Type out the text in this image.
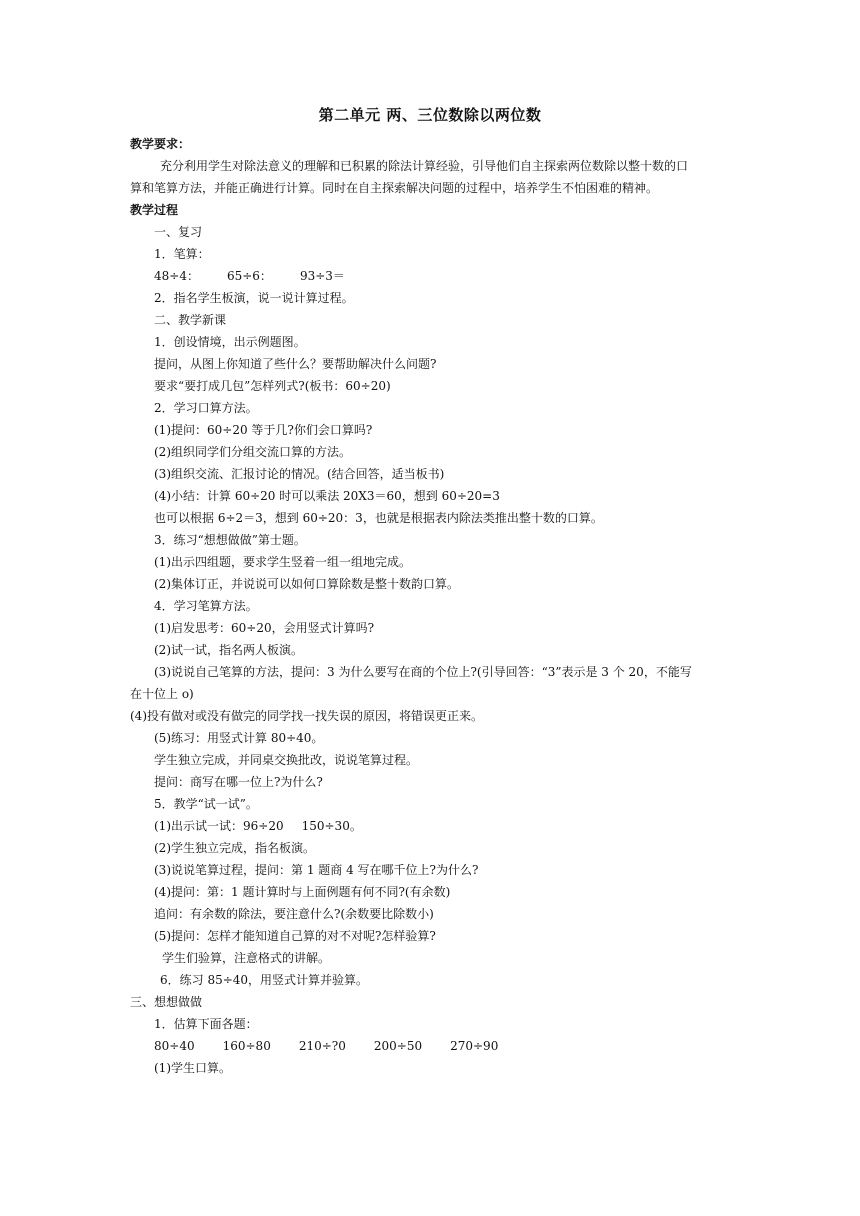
第二单元 两、三位数除以两位数
教学要求：
充分利用学生对除法意义的理解和已积累的除法计算经验，引导他们自主探索两位数除以整十数的口
算和笔算方法，并能正确进行计算。同时在自主探索解决问题的过程中，培养学生不怕困难的精神。
教学过程
一、复习
1．笔算：
48÷4： 65÷6： 93÷3＝
2．指名学生板演，说一说计算过程。
二、教学新课
1．创设情境，出示例题图。
提问，从图上你知道了些什么？要帮助解决什么问题?
要求“要打成几包”怎样列式?(板书：60÷20)
2．学习口算方法。
(1)提问：60÷20 等于几?你们会口算吗?
(2)组织同学们分组交流口算的方法。
(3)组织交流、汇报讨论的情况。(结合回答，适当板书)
(4)小结：计算 60÷20 时可以乘法 20X3＝60，想到 60÷20=3
也可以根据 6÷2＝3，想到 60÷20：3，也就是根据表内除法类推出整十数的口算。
3．练习“想想做做”第士题。
(1)出示四组题，要求学生竖着一组一组地完成。
(2)集体订正，并说说可以如何口算除数是整十数韵口算。
4．学习笔算方法。
(1)启发思考：60÷20，会用竖式计算吗?
(2)试一试，指名两人板演。
(3)说说自己笔算的方法，提问：3 为什么要写在商的个位上?(引导回答：“3”表示是 3 个 20，不能写
在十位上 o)
(4)投有做对或没有做完的同学找一找失误的原因，将错误更正来。
(5)练习：用竖式计算 80÷40。
学生独立完成，并同桌交换批改，说说笔算过程。
提问：商写在哪一位上?为什么?
5．教学“试一试”。
(1)出示试一试：96÷20 150÷30。
(2)学生独立完成，指名板演。
(3)说说笔算过程，提问：第 1 题商 4 写在哪千位上?为什么?
(4)提问：第：1 题计算时与上面例题有何不同?(有余数)
追问：有余数的除法，要注意什么?(余数要比除数小)
(5)提问：怎样才能知道自己算的对不对呢?怎样验算?
学生们验算，注意格式的讲解。
6．练习 85÷40，用竖式计算并验算。
三、想想做做
1．估算下面各题：
80÷40 160÷80 210÷?0 200÷50 270÷90
(1)学生口算。
